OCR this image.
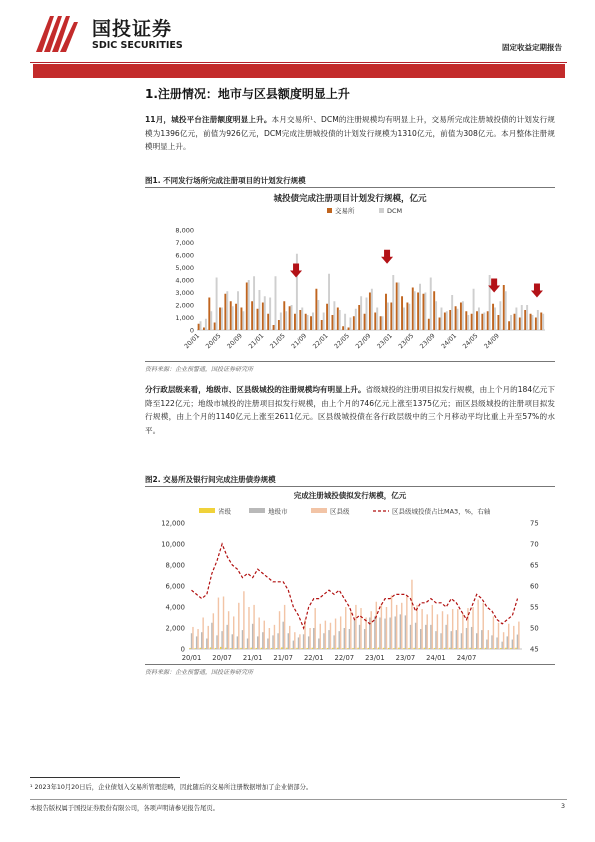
国投证券
SDIC SECURITIES	固定收益定期报告
1.注册情况：地市与区县额度明显上升
11月，城投平台注册额度明显上升。本月交易所¹、DCM的注册规模均有明显上升，交易所完成注册城投债的计划发行规模为1396亿元，前值为926亿元，DCM完成注册城投债的计划发行规模为1310亿元，前值为308亿元。本月整体注册规模明显上升。
图1. 不同发行场所完成注册项目的计划发行规模
城投债完成注册项目计划发行规模，亿元
交易所	DCM
8,000
7,000
6,000
5,000
4,000
3,000
2,000
1,000
0
20/01 20/05 20/09 21/01 21/05 21/09 22/01 22/05 22/09 23/01 23/05 23/09 24/01 24/05 24/09
资料来源：企业预警通，国投证券研究所
分行政层级来看，地级市、区县级城投的注册规模均有明显上升。省级城投的注册项目拟发行规模，由上个月的184亿元下降至122亿元；地级市城投的注册项目拟发行规模，由上个月的746亿元上涨至1375亿元；而区县级城投的注册项目拟发行规模，由上个月的1140亿元上涨至2611亿元。区县级城投债在各行政层级中的三个月移动平均比重上升至57%的水平。
图2. 交易所及银行间完成注册债券规模
完成注册城投债拟发行规模，亿元
省级	地级市	区县级	区县级城投债占比MA3，%，右轴
12,000
10,000
8,000
6,000
4,000
2,000
0
75
70
65
60
55
50
45
20/01 20/07 21/01 21/07 22/01 22/07 23/01 23/07 24/01 24/07
资料来源：企业预警通，国投证券研究所
¹ 2023年10月20日后，企业债划入交易所管理范畴，因此随后的交易所注册数据增加了企业债部分。
本报告版权属于国投证券股份有限公司，各项声明请参见报告尾页。	3
